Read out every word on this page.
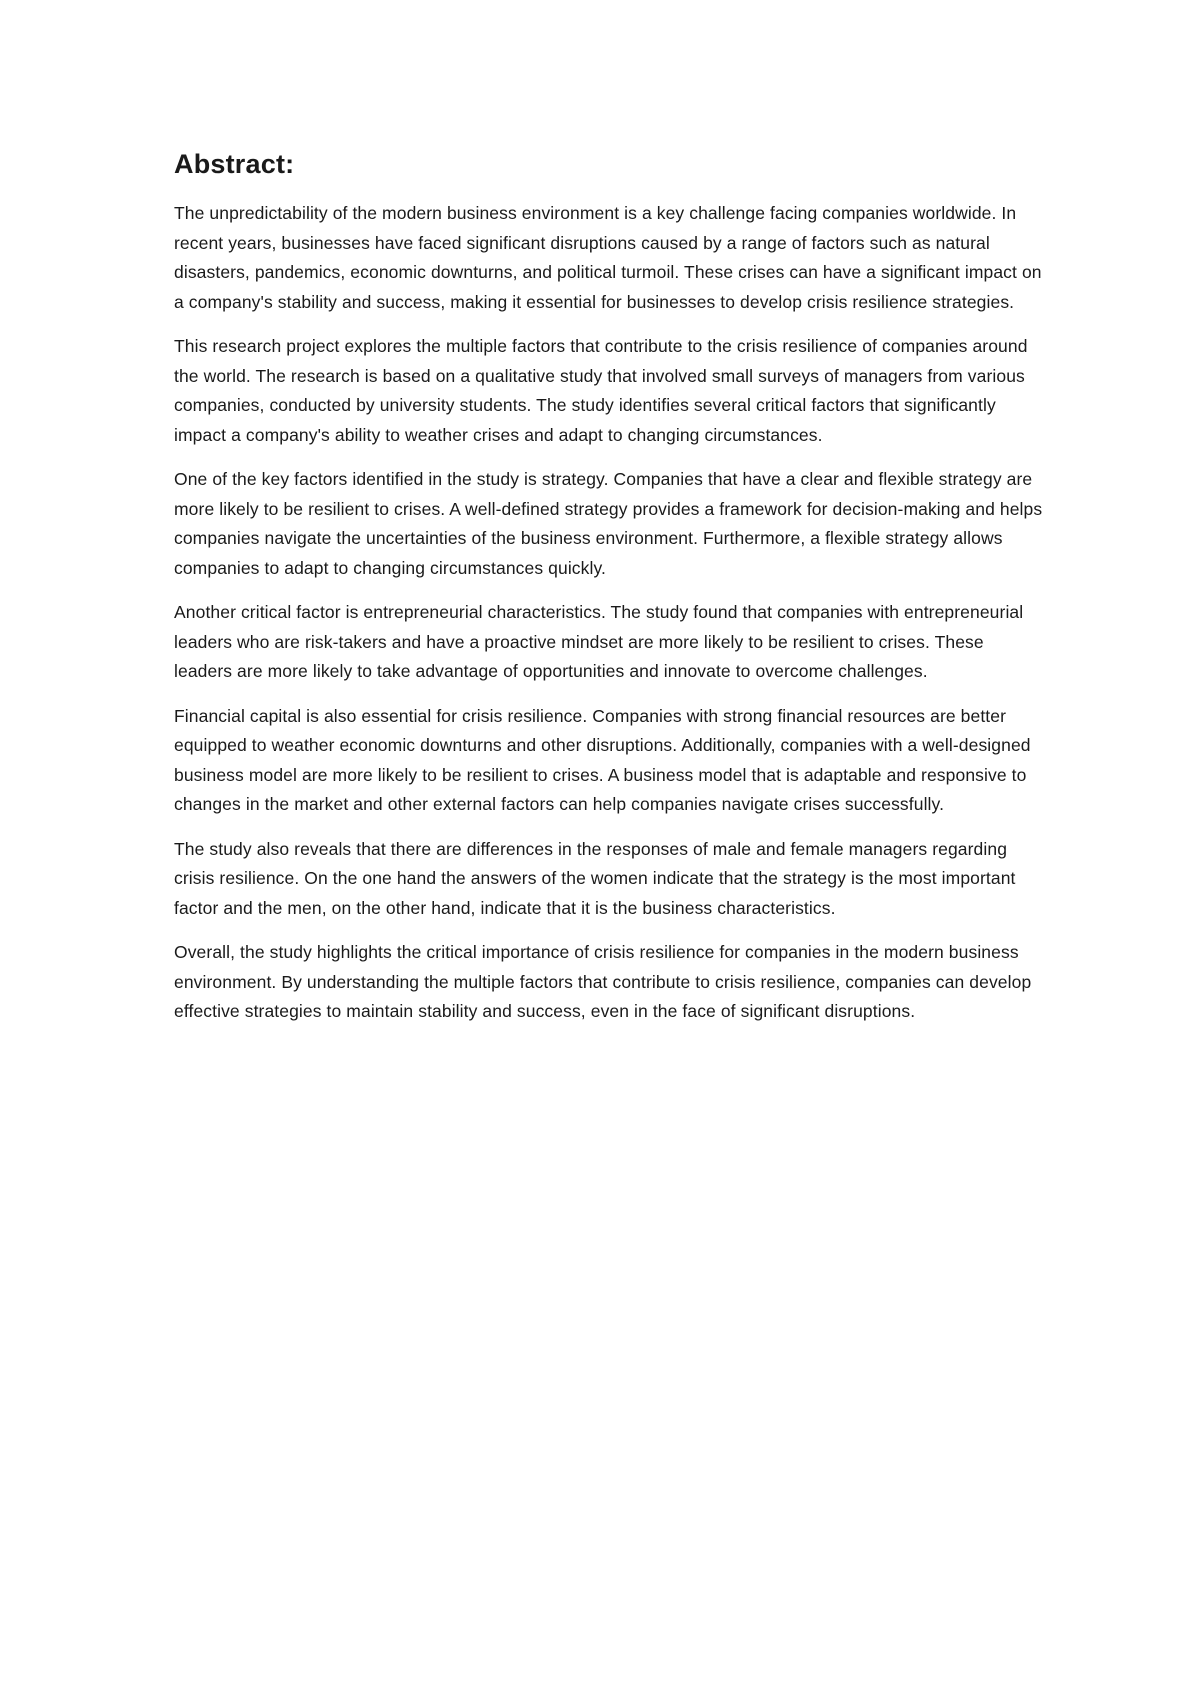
Abstract:

The unpredictability of the modern business environment is a key challenge facing companies worldwide. In recent years, businesses have faced significant disruptions caused by a range of factors such as natural disasters, pandemics, economic downturns, and political turmoil. These crises can have a significant impact on a company's stability and success, making it essential for businesses to develop crisis resilience strategies.

This research project explores the multiple factors that contribute to the crisis resilience of companies around the world. The research is based on a qualitative study that involved small surveys of managers from various companies, conducted by university students. The study identifies several critical factors that significantly impact a company's ability to weather crises and adapt to changing circumstances.

One of the key factors identified in the study is strategy. Companies that have a clear and flexible strategy are more likely to be resilient to crises. A well-defined strategy provides a framework for decision-making and helps companies navigate the uncertainties of the business environment. Furthermore, a flexible strategy allows companies to adapt to changing circumstances quickly.

Another critical factor is entrepreneurial characteristics. The study found that companies with entrepreneurial leaders who are risk-takers and have a proactive mindset are more likely to be resilient to crises. These leaders are more likely to take advantage of opportunities and innovate to overcome challenges.

Financial capital is also essential for crisis resilience. Companies with strong financial resources are better equipped to weather economic downturns and other disruptions. Additionally, companies with a well-designed business model are more likely to be resilient to crises. A business model that is adaptable and responsive to changes in the market and other external factors can help companies navigate crises successfully.

The study also reveals that there are differences in the responses of male and female managers regarding crisis resilience. On the one hand the answers of the women indicate that the strategy is the most important factor and the men, on the other hand, indicate that it is the business characteristics.

Overall, the study highlights the critical importance of crisis resilience for companies in the modern business environment. By understanding the multiple factors that contribute to crisis resilience, companies can develop effective strategies to maintain stability and success, even in the face of significant disruptions.
